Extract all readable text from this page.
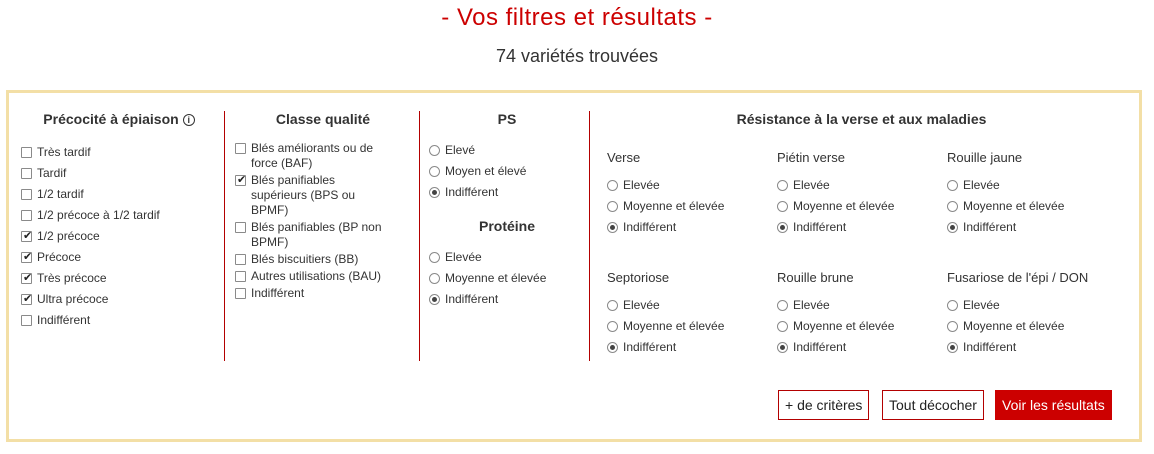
- Vos filtres et résultats -
74 variétés trouvées
Précocité à épiaison i
Très tardif
Tardif
1/2 tardif
1/2 précoce à 1/2 tardif
✔
1/2 précoce
✔
Précoce
✔
Très précoce
✔
Ultra précoce
Indifférent
Classe qualité
Blés améliorants ou de force (BAF)
✔
Blés panifiables supérieurs (BPS ou BPMF)
Blés panifiables (BP non BPMF)
Blés biscuitiers (BB)
Autres utilisations (BAU)
Indifférent
PS
Elevé
Moyen et élevé
Indifférent
Protéine
Elevée
Moyenne et élevée
Indifférent
Résistance à la verse et aux maladies
Verse
Elevée
Moyenne et élevée
Indifférent
Piétin verse
Elevée
Moyenne et élevée
Indifférent
Rouille jaune
Elevée
Moyenne et élevée
Indifférent
Septoriose
Elevée
Moyenne et élevée
Indifférent
Rouille brune
Elevée
Moyenne et élevée
Indifférent
Fusariose de l'épi / DON
Elevée
Moyenne et élevée
Indifférent
+ de critères	Tout décocher	Voir les résultats
